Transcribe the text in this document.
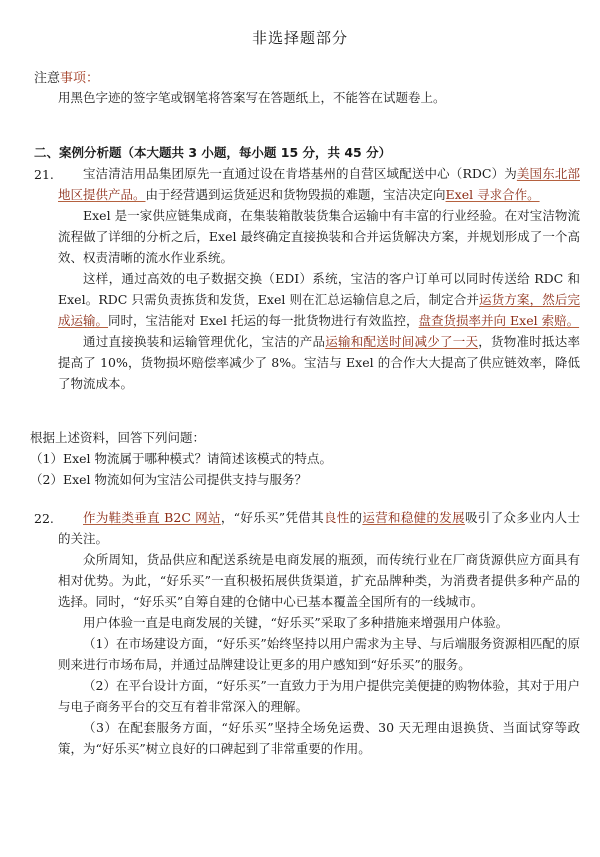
非选择题部分
注意事项：
用黑色字迹的签字笔或钢笔将答案写在答题纸上，不能答在试题卷上。
二、案例分析题（本大题共 3 小题，每小题 15 分，共 45 分）
21.	宝洁清洁用品集团原先一直通过设在肯塔基州的自营区域配送中心（RDC）为美国东北部地区提供产品。由于经营遇到运货延迟和货物毁损的难题，宝洁决定向Exel 寻求合作。

Exel 是一家供应链集成商，在集装箱散装货集合运输中有丰富的行业经验。在对宝洁物流流程做了详细的分析之后，Exel 最终确定直接换装和合并运货解决方案，并规划形成了一个高效、权责清晰的流水作业系统。

这样，通过高效的电子数据交换（EDI）系统，宝洁的客户订单可以同时传送给 RDC 和 Exel。RDC 只需负责拣货和发货，Exel 则在汇总运输信息之后，制定合并运货方案，然后完成运输。同时，宝洁能对 Exel 托运的每一批货物进行有效监控，盘查货损率并向 Exel 索赔。

通过直接换装和运输管理优化，宝洁的产品运输和配送时间减少了一天，货物准时抵达率提高了 10%，货物损坏赔偿率减少了 8%。宝洁与 Exel 的合作大大提高了供应链效率，降低了物流成本。

根据上述资料，回答下列问题：

（1）Exel 物流属于哪种模式？请简述该模式的特点。

（2）Exel 物流如何为宝洁公司提供支持与服务？

22.	作为鞋类垂直 B2C 网站，“好乐买”凭借其良性的运营和稳健的发展吸引了众多业内人士的关注。

众所周知，货品供应和配送系统是电商发展的瓶颈，而传统行业在厂商货源供应方面具有相对优势。为此，“好乐买”一直积极拓展供货渠道，扩充品牌种类，为消费者提供多种产品的选择。同时，“好乐买”自筹自建的仓储中心已基本覆盖全国所有的一线城市。

用户体验一直是电商发展的关键，“好乐买”采取了多种措施来增强用户体验。

（1）在市场建设方面，“好乐买”始终坚持以用户需求为主导、与后端服务资源相匹配的原则来进行市场布局，并通过品牌建设让更多的用户感知到“好乐买”的服务。

（2）在平台设计方面，“好乐买”一直致力于为用户提供完美便捷的购物体验，其对于用户与电子商务平台的交互有着非常深入的理解。

（3）在配套服务方面，“好乐买”坚持全场免运费、30 天无理由退换货、当面试穿等政策，为“好乐买”树立良好的口碑起到了非常重要的作用。
